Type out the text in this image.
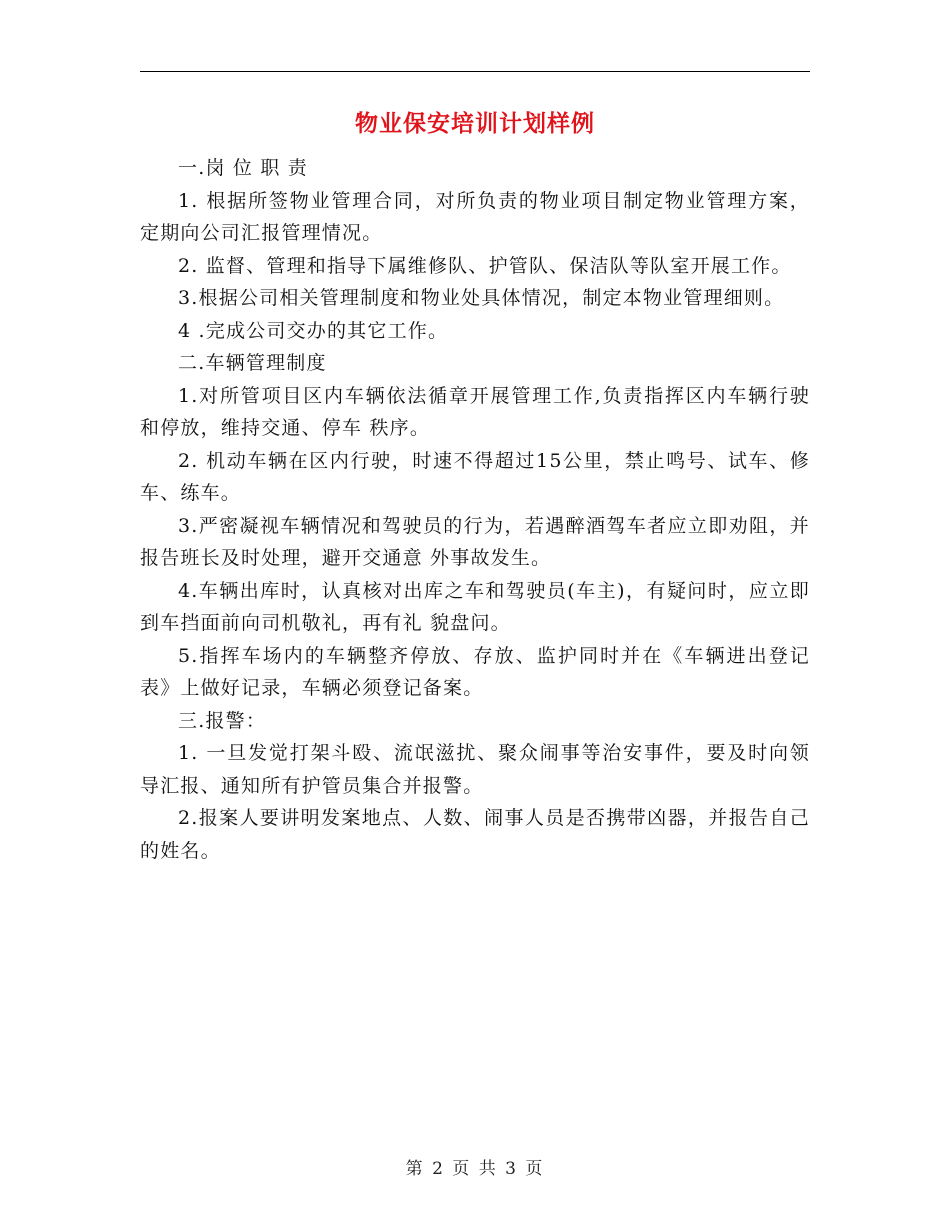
物业保安培训计划样例

一.岗 位 职 责

1. 根据所签物业管理合同，对所负责的物业项目制定物业管理方案，定期向公司汇报管理情况。

2. 监督、管理和指导下属维修队、护管队、保洁队等队室开展工作。

3.根据公司相关管理制度和物业处具体情况，制定本物业管理细则。

4 .完成公司交办的其它工作。

二.车辆管理制度

1.对所管项目区内车辆依法循章开展管理工作,负责指挥区内车辆行驶和停放，维持交通、停车 秩序。

2. 机动车辆在区内行驶，时速不得超过15公里，禁止鸣号、试车、修车、练车。

3.严密凝视车辆情况和驾驶员的行为，若遇醉酒驾车者应立即劝阻，并报告班长及时处理，避开交通意 外事故发生。

4.车辆出库时，认真核对出库之车和驾驶员(车主)，有疑问时，应立即到车挡面前向司机敬礼，再有礼 貌盘问。

5.指挥车场内的车辆整齐停放、存放、监护同时并在《车辆进出登记表》上做好记录，车辆必须登记备案。

三.报警：

1. 一旦发觉打架斗殴、流氓滋扰、聚众闹事等治安事件，要及时向领导汇报、通知所有护管员集合并报警。

2.报案人要讲明发案地点、人数、闹事人员是否携带凶器，并报告自己的姓名。

第 2 页 共 3 页
